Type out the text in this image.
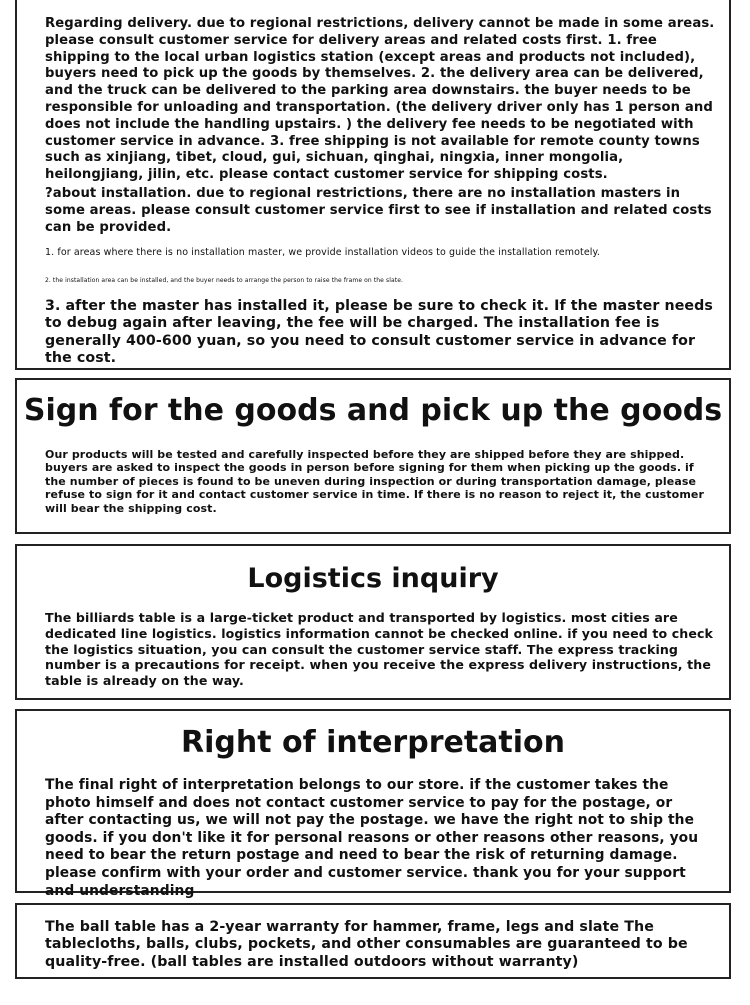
Regarding delivery. due to regional restrictions, delivery cannot be made in some areas. please consult customer service for delivery areas and related costs first. 1. free shipping to the local urban logistics station (except areas and products not included), buyers need to pick up the goods by themselves. 2. the delivery area can be delivered, and the truck can be delivered to the parking area downstairs. the buyer needs to be responsible for unloading and transportation. (the delivery driver only has 1 person and does not include the handling upstairs. ) the delivery fee needs to be negotiated with customer service in advance. 3. free shipping is not available for remote county towns such as xinjiang, tibet, cloud, gui, sichuan, qinghai, ningxia, inner mongolia, heilongjiang, jilin, etc. please contact customer service for shipping costs.

?about installation. due to regional restrictions, there are no installation masters in some areas. please consult customer service first to see if installation and related costs can be provided.

1. for areas where there is no installation master, we provide installation videos to guide the installation remotely.

2. the installation area can be installed, and the buyer needs to arrange the person to raise the frame on the slate.

3. after the master has installed it, please be sure to check it. If the master needs to debug again after leaving, the fee will be charged. The installation fee is generally 400-600 yuan, so you need to consult customer service in advance for the cost.

Sign for the goods and pick up the goods

Our products will be tested and carefully inspected before they are shipped before they are shipped. buyers are asked to inspect the goods in person before signing for them when picking up the goods. if the number of pieces is found to be uneven during inspection or during transportation damage, please refuse to sign for it and contact customer service in time. If there is no reason to reject it, the customer will bear the shipping cost.

Logistics inquiry

The billiards table is a large-ticket product and transported by logistics. most cities are dedicated line logistics. logistics information cannot be checked online. if you need to check the logistics situation, you can consult the customer service staff. The express tracking number is a precautions for receipt. when you receive the express delivery instructions, the table is already on the way.

Right of interpretation

The final right of interpretation belongs to our store. if the customer takes the photo himself and does not contact customer service to pay for the postage, or after contacting us, we will not pay the postage. we have the right not to ship the goods. if you don't like it for personal reasons or other reasons other reasons, you need to bear the return postage and need to bear the risk of returning damage. please confirm with your order and customer service. thank you for your support and understanding

The ball table has a 2-year warranty for hammer, frame, legs and slate The tablecloths, balls, clubs, pockets, and other consumables are guaranteed to be quality-free. (ball tables are installed outdoors without warranty)
